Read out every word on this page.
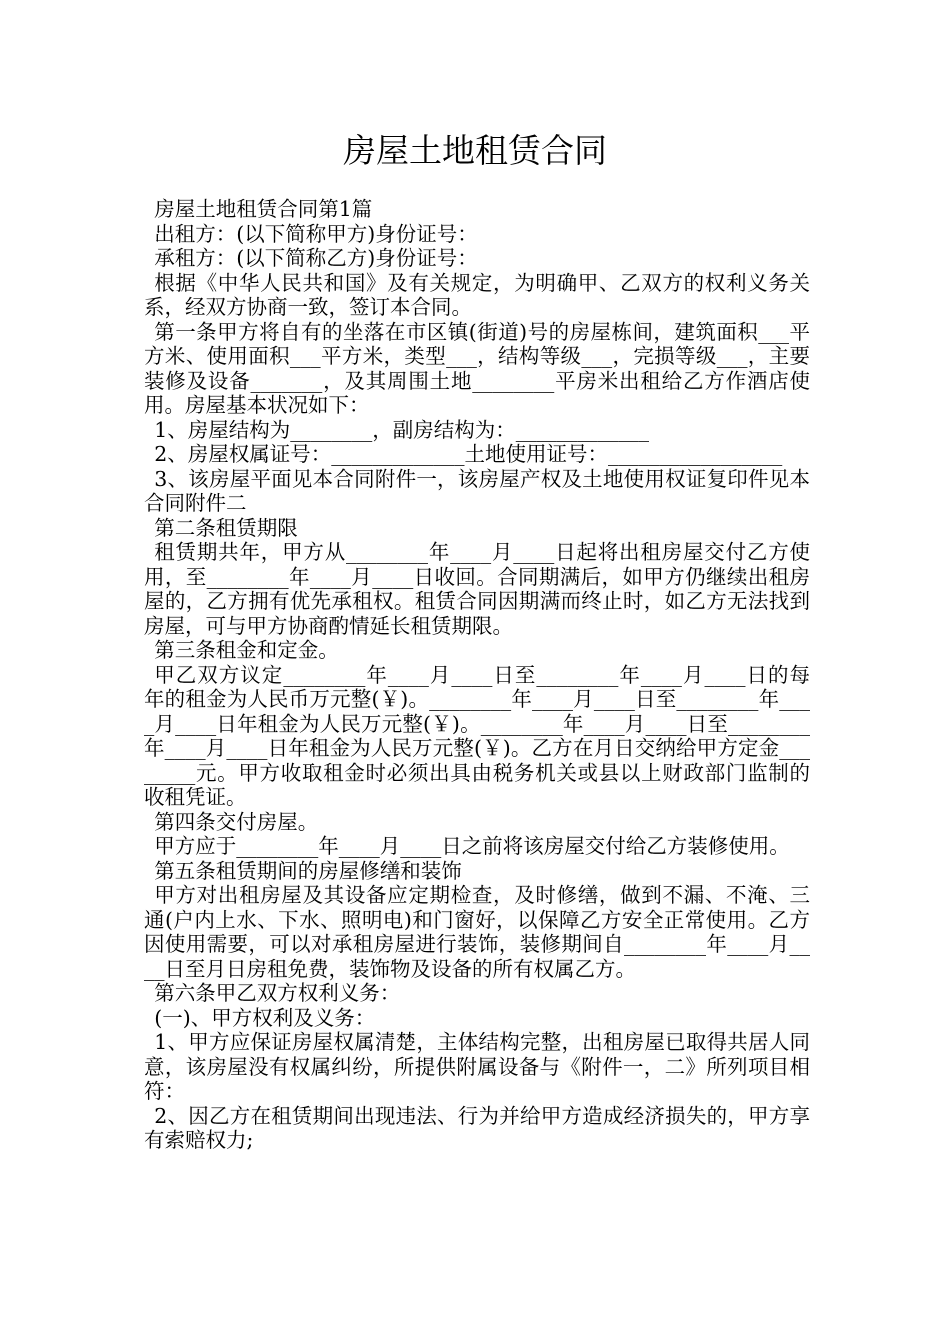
房屋土地租赁合同

房屋土地租赁合同第1篇

出租方：(以下简称甲方)身份证号：

承租方：(以下简称乙方)身份证号：

根据《中华人民共和国》及有关规定，为明确甲、乙双方的权利义务关系，经双方协商一致，签订本合同。

第一条甲方将自有的坐落在市区镇(街道)号的房屋栋间，建筑面积___平方米、使用面积___平方米，类型___，结构等级___，完损等级___，主要装修及设备_______，及其周围土地________平房米出租给乙方作酒店使用。房屋基本状况如下：

1、房屋结构为________，副房结构为：_____________

2、房屋权属证号：_____________土地使用证号：_________________

3、该房屋平面见本合同附件一，该房屋产权及土地使用权证复印件见本合同附件二

第二条租赁期限

租赁期共年，甲方从________年____月____日起将出租房屋交付乙方使用，至________年____月____日收回。合同期满后，如甲方仍继续出租房屋的，乙方拥有优先承租权。租赁合同因期满而终止时，如乙方无法找到房屋，可与甲方协商酌情延长租赁期限。

第三条租金和定金。

甲乙双方议定________年____月____日至________年____月____日的每年的租金为人民币万元整(￥)。________年____月____日至________年____月____日年租金为人民万元整(￥)。________年____月____日至________年____月____日年租金为人民万元整(￥)。乙方在月日交纳给甲方定金________元。甲方收取租金时必须出具由税务机关或县以上财政部门监制的收租凭证。

第四条交付房屋。

甲方应于________年____月____日之前将该房屋交付给乙方装修使用。

第五条租赁期间的房屋修缮和装饰

甲方对出租房屋及其设备应定期检查，及时修缮，做到不漏、不淹、三通(户内上水、下水、照明电)和门窗好，以保障乙方安全正常使用。乙方因使用需要，可以对承租房屋进行装饰，装修期间自________年____月____日至月日房租免费，装饰物及设备的所有权属乙方。

第六条甲乙双方权利义务：

(一)、甲方权利及义务：

1、甲方应保证房屋权属清楚，主体结构完整，出租房屋已取得共居人同意，该房屋没有权属纠纷，所提供附属设备与《附件一，二》所列项目相符：

2、因乙方在租赁期间出现违法、行为并给甲方造成经济损失的，甲方享有索赔权力;
